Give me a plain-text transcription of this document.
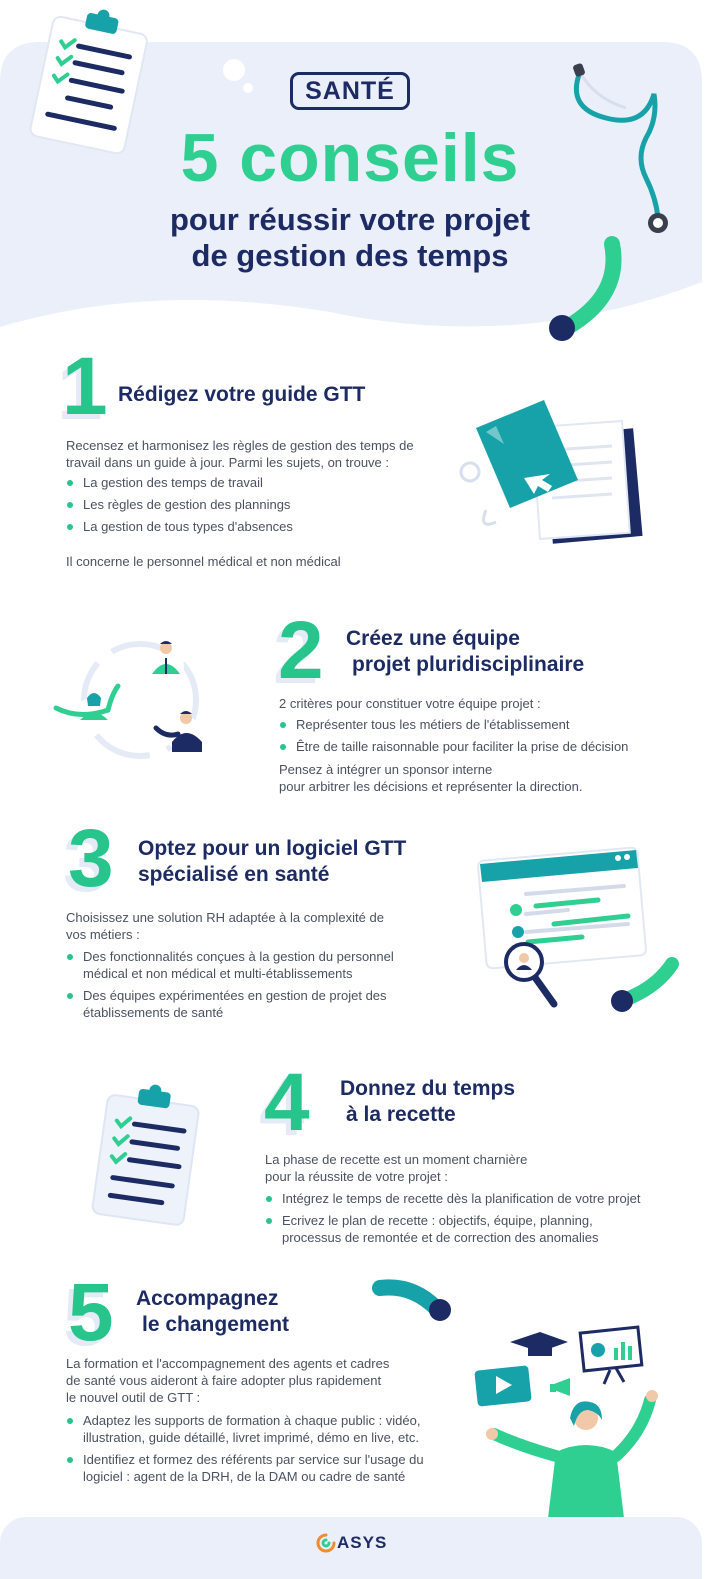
SANTÉ
5 conseils
pour réussir votre projet
de gestion des temps
1 Rédigez votre guide GTT
Recensez et harmonisez les règles de gestion des temps de
travail dans un guide à jour. Parmi les sujets, on trouve :
La gestion des temps de travail
Les règles de gestion des plannings
La gestion de tous types d'absences
Il concerne le personnel médical et non médical
2 Créez une équipe
projet pluridisciplinaire
2 critères pour constituer votre équipe projet :
Représenter tous les métiers de l'établissement
Être de taille raisonnable pour faciliter la prise de décision
Pensez à intégrer un sponsor interne
pour arbitrer les décisions et représenter la direction.
3 Optez pour un logiciel GTT
spécialisé en santé
Choisissez une solution RH adaptée à la complexité de
vos métiers :
Des fonctionnalités conçues à la gestion du personnel
médical et non médical et multi-établissements
Des équipes expérimentées en gestion de projet des
établissements de santé
4 Donnez du temps
à la recette
La phase de recette est un moment charnière
pour la réussite de votre projet :
Intégrez le temps de recette dès la planification de votre projet
Ecrivez le plan de recette : objectifs, équipe, planning,
processus de remontée et de correction des anomalies
5 Accompagnez
le changement
La formation et l'accompagnement des agents et cadres
de santé vous aideront à faire adopter plus rapidement
le nouvel outil de GTT :
Adaptez les supports de formation à chaque public : vidéo,
illustration, guide détaillé, livret imprimé, démo en live, etc.
Identifiez et formez des référents par service sur l'usage du
logiciel : agent de la DRH, de la DAM ou cadre de santé
ASYS
